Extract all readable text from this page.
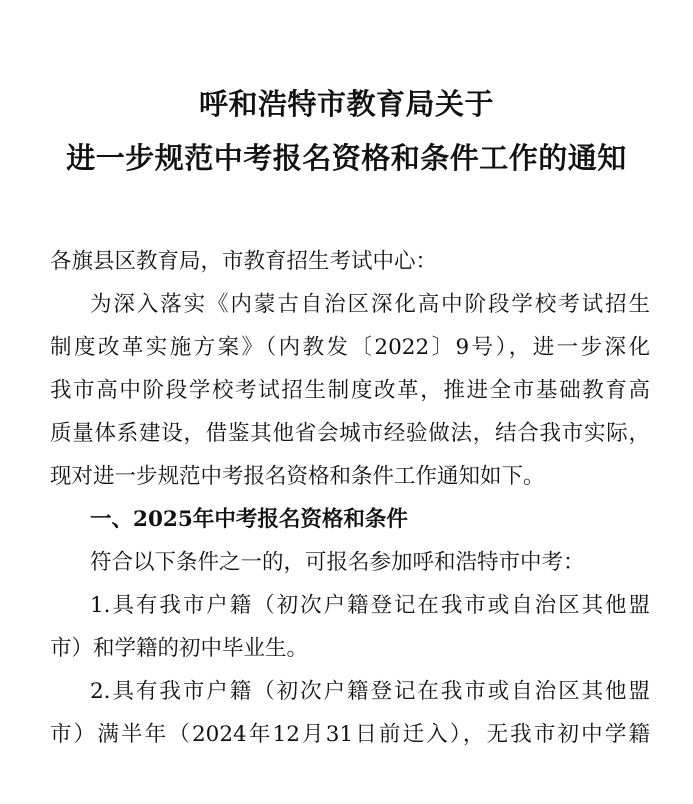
呼和浩特市教育局关于
进一步规范中考报名资格和条件工作的通知
各旗县区教育局，市教育招生考试中心：
为深入落实《内蒙古自治区深化高中阶段学校考试招生
制度改革实施方案》（内教发〔2022〕9号），进一步深化
我市高中阶段学校考试招生制度改革，推进全市基础教育高
质量体系建设，借鉴其他省会城市经验做法，结合我市实际，
现对进一步规范中考报名资格和条件工作通知如下。
一、2025年中考报名资格和条件
符合以下条件之一的，可报名参加呼和浩特市中考：
1.具有我市户籍（初次户籍登记在我市或自治区其他盟
市）和学籍的初中毕业生。
2.具有我市户籍（初次户籍登记在我市或自治区其他盟
市）满半年（2024年12月31日前迁入），无我市初中学籍
